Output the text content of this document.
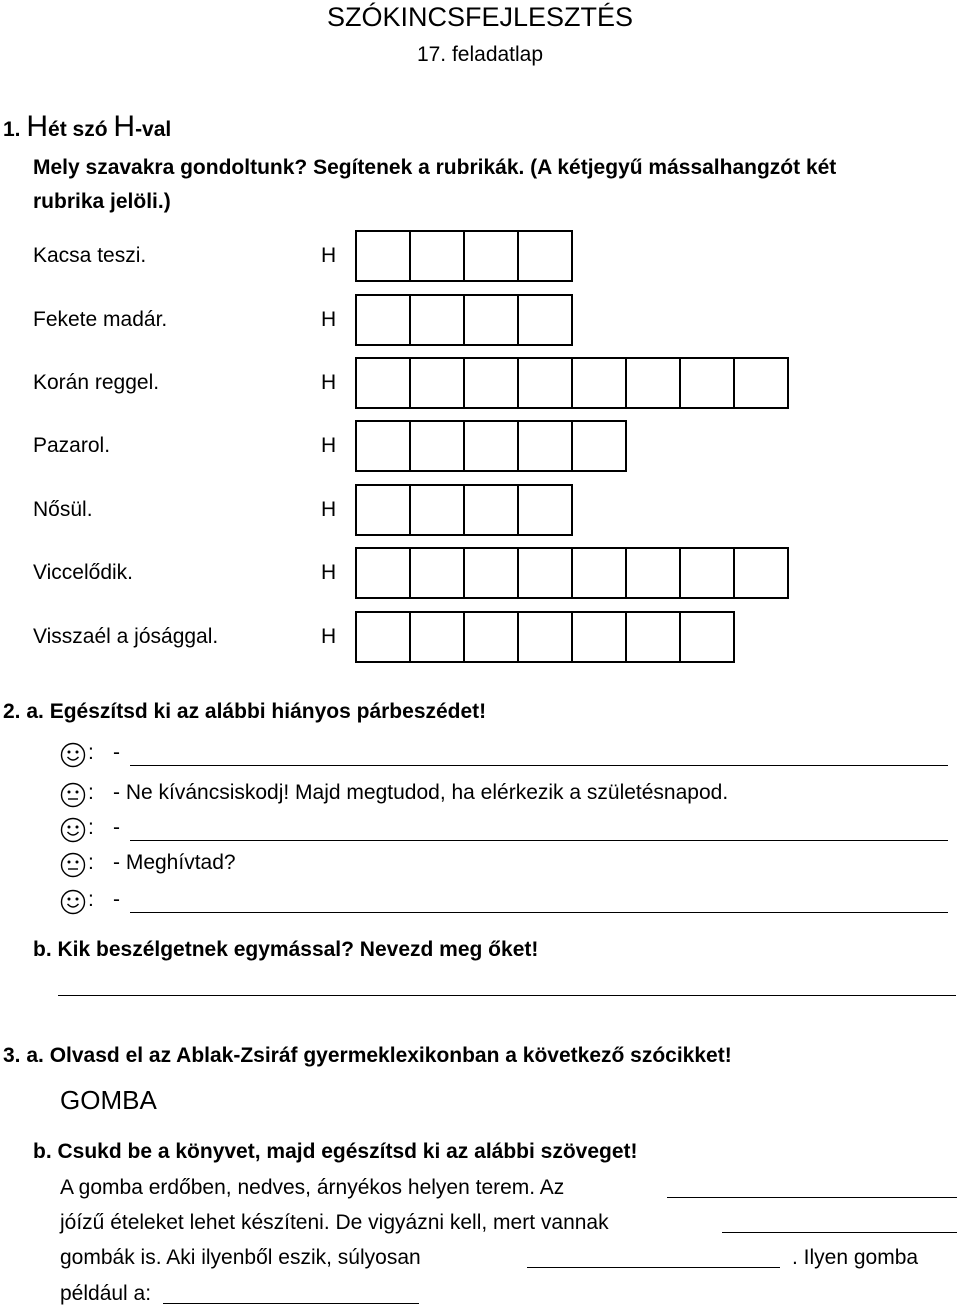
SZÓKINCSFEJLESZTÉS
17. feladatlap
1. Hét szó H-val
Mely szavakra gondoltunk? Segítenek a rubrikák. (A kétjegyű mássalhangzót két
rubrika jelöli.)
Kacsa teszi.	H
Fekete madár.	H
Korán reggel.	H
Pazarol.	H
Nősül.	H
Viccelődik.	H
Visszaél a jósággal.	H
2. a. Egészítsd ki az alábbi hiányos párbeszédet!
: -
: - Ne kíváncsiskodj! Majd megtudod, ha elérkezik a születésnapod.
: -
: - Meghívtad?
: -
b. Kik beszélgetnek egymással? Nevezd meg őket!
3. a. Olvasd el az Ablak-Zsiráf gyermeklexikonban a következő szócikket!
GOMBA
b. Csukd be a könyvet, majd egészítsd ki az alábbi szöveget!
A gomba erdőben, nedves, árnyékos helyen terem. Az
jóízű ételeket lehet készíteni. De vigyázni kell, mert vannak
gombák is. Aki ilyenből eszik, súlyosan	. Ilyen gomba
például a:
